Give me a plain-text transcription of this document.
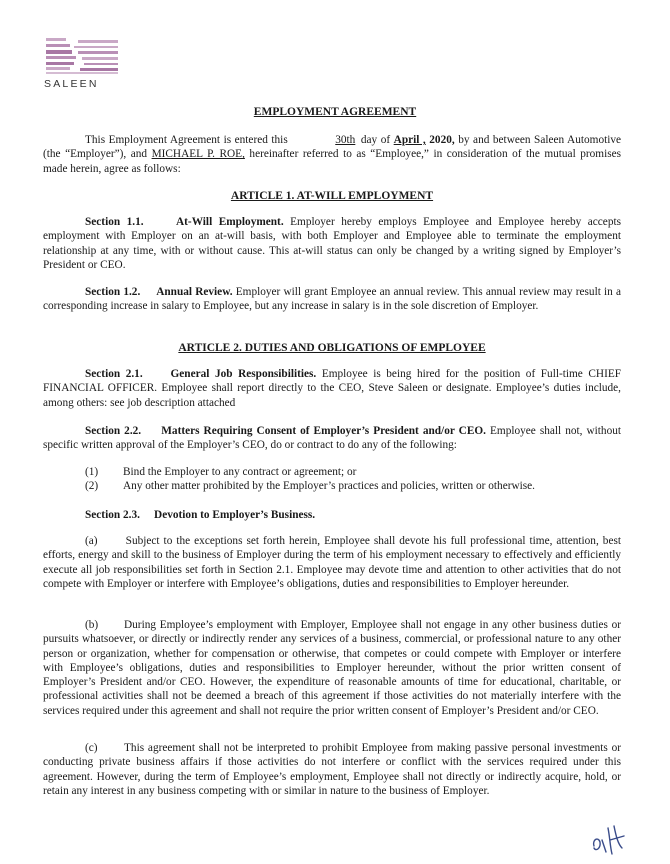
SALEEN
EMPLOYMENT AGREEMENT

This Employment Agreement is entered this	30th day of April , 2020, by and between Saleen Automotive (the “Employer”), and MICHAEL P. ROE, hereinafter referred to as “Employee,” in consideration of the mutual promises made herein, agree as follows:

ARTICLE 1. AT-WILL EMPLOYMENT

Section 1.1.	At-Will Employment. Employer hereby employs Employee and Employee hereby accepts employment with Employer on an at-will basis, with both Employer and Employee able to terminate the employment relationship at any time, with or without cause. This at-will status can only be changed by a writing signed by Employer’s President or CEO.

Section 1.2. Annual Review. Employer will grant Employee an annual review. This annual review may result in a corresponding increase in salary to Employee, but any increase in salary is in the sole discretion of Employer.

ARTICLE 2. DUTIES AND OBLIGATIONS OF EMPLOYEE

Section 2.1. General Job Responsibilities. Employee is being hired for the position of Full-time CHIEF FINANCIAL OFFICER. Employee shall report directly to the CEO, Steve Saleen or designate. Employee’s duties include, among others: see job description attached

Section 2.2. Matters Requiring Consent of Employer’s President and/or CEO. Employee shall not, without specific written approval of the Employer’s CEO, do or contract to do any of the following:

(1)	Bind the Employer to any contract or agreement; or
(2)	Any other matter prohibited by the Employer’s practices and policies, written or otherwise.

Section 2.3. Devotion to Employer’s Business.

(a) Subject to the exceptions set forth herein, Employee shall devote his full professional time, attention, best efforts, energy and skill to the business of Employer during the term of his employment necessary to effectively and efficiently execute all job responsibilities set forth in Section 2.1. Employee may devote time and attention to other activities that do not compete with Employer or interfere with Employee’s obligations, duties and responsibilities to Employer hereunder.

(b) During Employee’s employment with Employer, Employee shall not engage in any other business duties or pursuits whatsoever, or directly or indirectly render any services of a business, commercial, or professional nature to any other person or organization, whether for compensation or otherwise, that competes or could compete with Employer or interfere with Employee’s obligations, duties and responsibilities to Employer hereunder, without the prior written consent of Employer’s President and/or CEO. However, the expenditure of reasonable amounts of time for educational, charitable, or professional activities shall not be deemed a breach of this agreement if those activities do not materially interfere with the services required under this agreement and shall not require the prior written consent of Employer’s President and/or CEO.

(c) This agreement shall not be interpreted to prohibit Employee from making passive personal investments or conducting private business affairs if those activities do not interfere or conflict with the services required under this agreement. However, during the term of Employee’s employment, Employee shall not directly or indirectly acquire, hold, or retain any interest in any business competing with or similar in nature to the business of Employer.
